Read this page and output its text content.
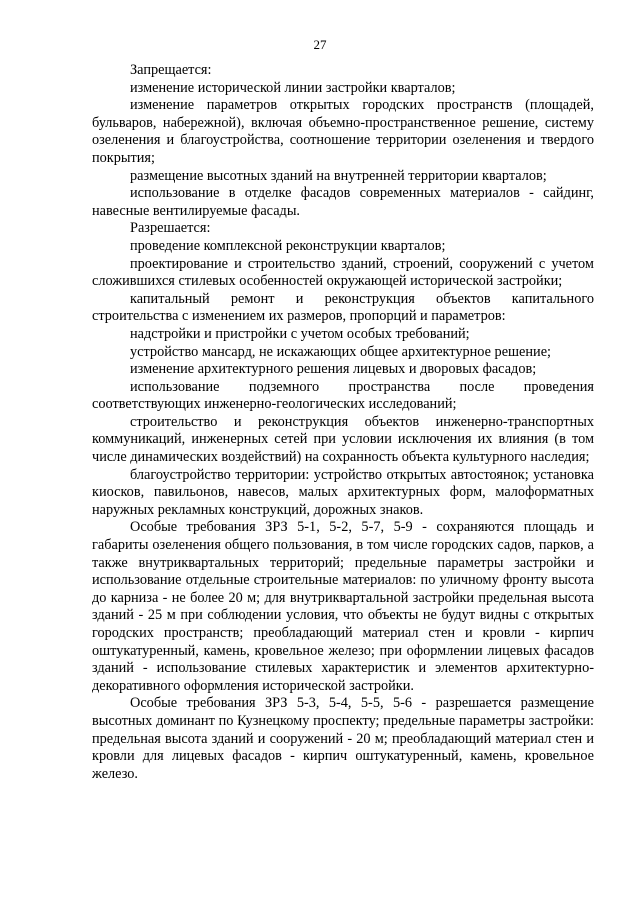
27

Запрещается:

изменение исторической линии застройки кварталов;

изменение параметров открытых городских пространств (площадей, бульваров, набережной), включая объемно-пространственное решение, систему озеленения и благоустройства, соотношение территории озеленения и твердого покрытия;

размещение высотных зданий на внутренней территории кварталов;

использование в отделке фасадов современных материалов - сайдинг, навесные вентилируемые фасады.

Разрешается:

проведение комплексной реконструкции кварталов;

проектирование и строительство зданий, строений, сооружений с учетом сложившихся стилевых особенностей окружающей исторической застройки;

капитальный ремонт и реконструкция объектов капитального строительства с изменением их размеров, пропорций и параметров:

надстройки и пристройки с учетом особых требований;

устройство мансард, не искажающих общее архитектурное решение;

изменение архитектурного решения лицевых и дворовых фасадов;

использование подземного пространства после проведения соответствующих инженерно-геологических исследований;

строительство и реконструкция объектов инженерно-транспортных коммуникаций, инженерных сетей при условии исключения их влияния (в том числе динамических воздействий) на сохранность объекта культурного наследия;

благоустройство территории: устройство открытых автостоянок; установка киосков, павильонов, навесов, малых архитектурных форм, малоформатных наружных рекламных конструкций, дорожных знаков.

Особые требования ЗРЗ 5-1, 5-2, 5-7, 5-9 - сохраняются площадь и габариты озеленения общего пользования, в том числе городских садов, парков, а также внутриквартальных территорий; предельные параметры застройки и использование отдельные строительные материалов: по уличному фронту высота до карниза - не более 20 м; для внутриквартальной застройки предельная высота зданий - 25 м при соблюдении условия, что объекты не будут видны с открытых городских пространств; преобладающий материал стен и кровли - кирпич оштукатуренный, камень, кровельное железо; при оформлении лицевых фасадов зданий - использование стилевых характеристик и элементов архитектурно-декоративного оформления исторической застройки.

Особые требования ЗРЗ 5-3, 5-4, 5-5, 5-6 - разрешается размещение высотных доминант по Кузнецкому проспекту; предельные параметры застройки: предельная высота зданий и сооружений - 20 м; преобладающий материал стен и кровли для лицевых фасадов - кирпич оштукатуренный, камень, кровельное железо.
